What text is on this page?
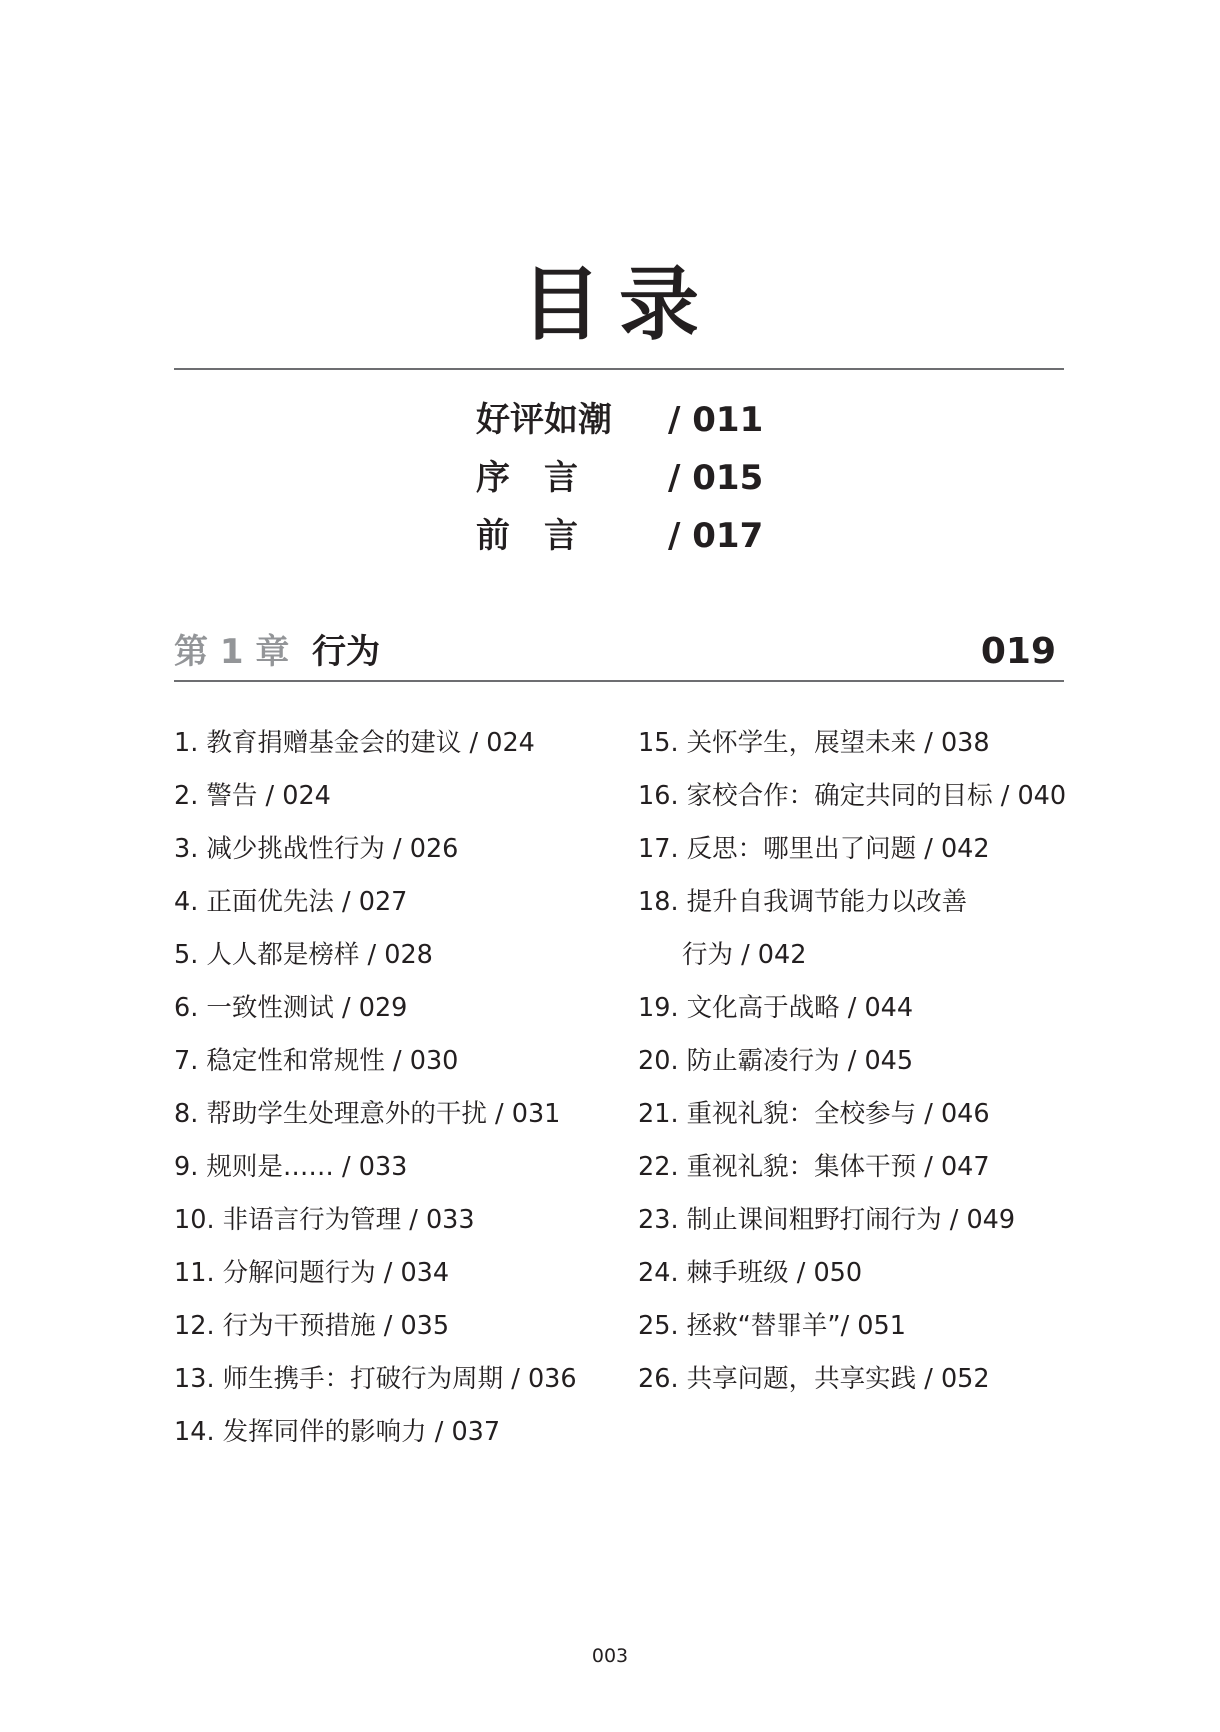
目录
好评如潮 / 011
序　言	/ 015
前　言	/ 017
第 1 章 行为	019
1. 教育捐赠基金会的建议 / 024
2. 警告 / 024
3. 减少挑战性行为 / 026
4. 正面优先法 / 027
5. 人人都是榜样 / 028
6. 一致性测试 / 029
7. 稳定性和常规性 / 030
8. 帮助学生处理意外的干扰 / 031
9. 规则是…… / 033
10. 非语言行为管理 / 033
11. 分解问题行为 / 034
12. 行为干预措施 / 035
13. 师生携手：打破行为周期 / 036
14. 发挥同伴的影响力 / 037
15. 关怀学生，展望未来 / 038
16. 家校合作：确定共同的目标 / 040
17. 反思：哪里出了问题 / 042
18. 提升自我调节能力以改善
行为 / 042
19. 文化高于战略 / 044
20. 防止霸凌行为 / 045
21. 重视礼貌：全校参与 / 046
22. 重视礼貌：集体干预 / 047
23. 制止课间粗野打闹行为 / 049
24. 棘手班级 / 050
25. 拯救“替罪羊”/ 051
26. 共享问题，共享实践 / 052
003
